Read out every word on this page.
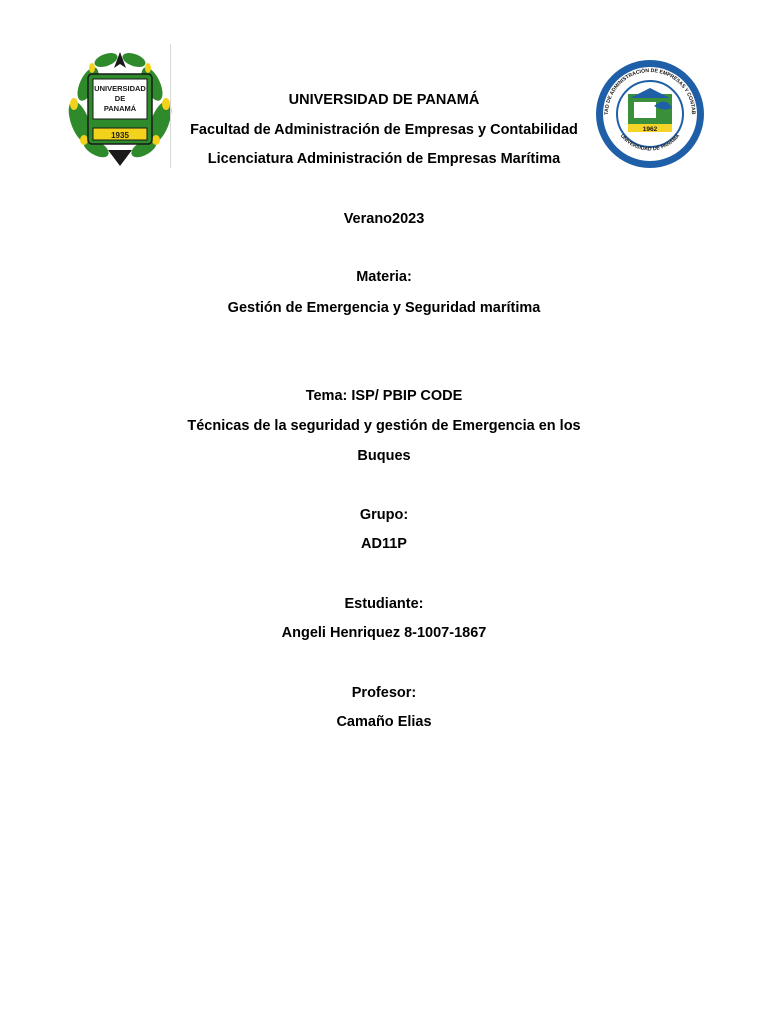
UNIVERSIDAD
DE
PANAMÁ
1935
1962
TAD DE ADMINISTRACIÓN DE EMPRESAS Y CONTAB
UNIVERSIDAD DE PANAMÁ
UNIVERSIDAD DE PANAMÁ
Facultad de Administración de Empresas y Contabilidad
Licenciatura Administración de Empresas Marítima
Verano2023
Materia:
Gestión de Emergencia y Seguridad marítima
Tema: ISP/ PBIP CODE
Técnicas de la seguridad y gestión de Emergencia en los
Buques
Grupo:
AD11P
Estudiante:
Angeli Henriquez 8-1007-1867
Profesor:
Camaño Elias
